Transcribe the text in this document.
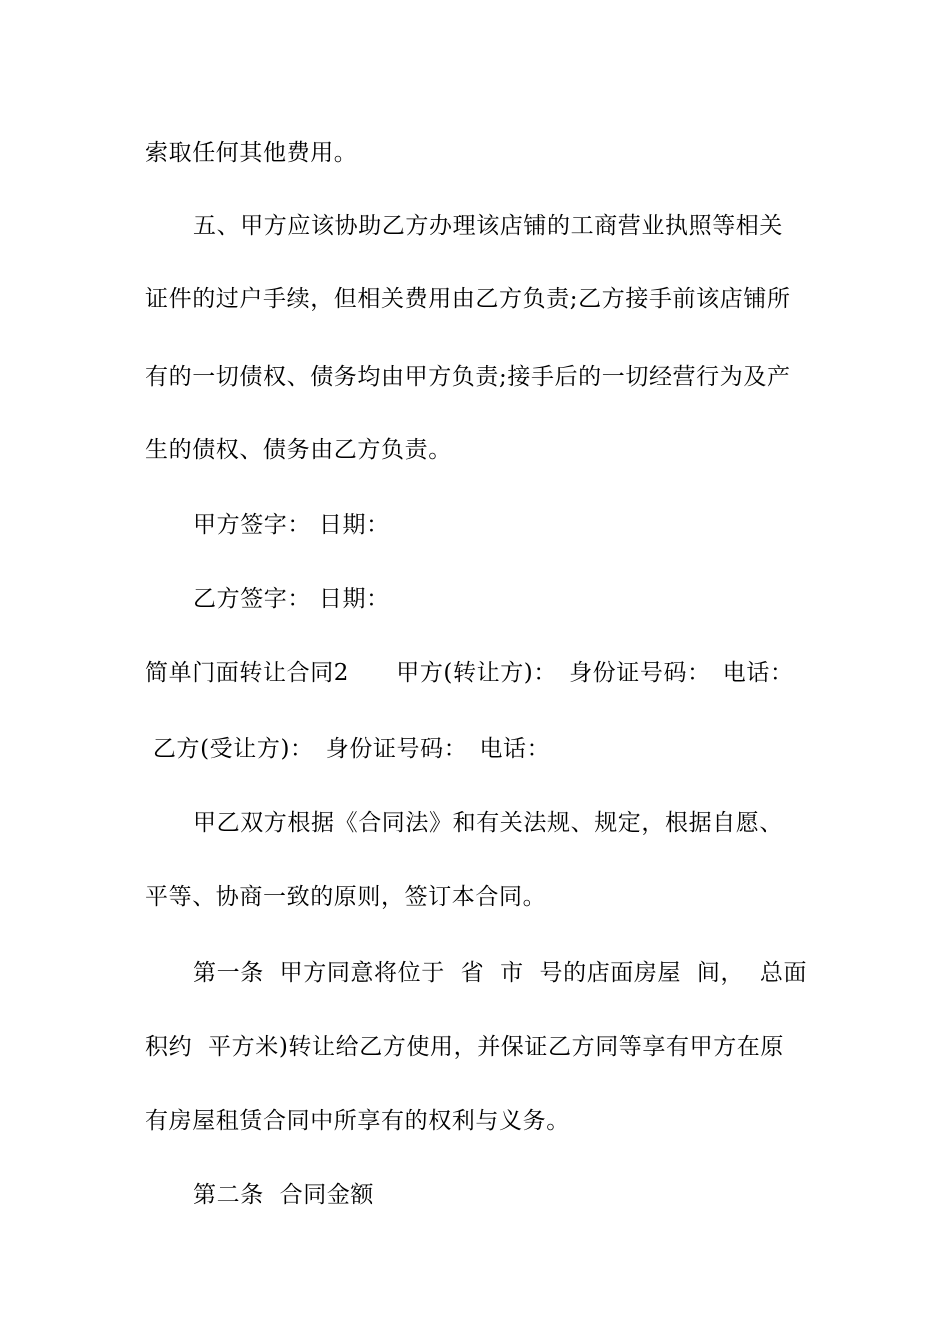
索取任何其他费用。
五、甲方应该协助乙方办理该店铺的工商营业执照等相关
证件的过户手续，但相关费用由乙方负责;乙方接手前该店铺所
有的一切债权、债务均由甲方负责;接手后的一切经营行为及产
生的债权、债务由乙方负责。
甲方签字： 日期：
乙方签字： 日期：
简单门面转让合同2　　甲方(转让方)：　身份证号码：　电话：
乙方(受让方)：　身份证号码：　电话：
甲乙双方根据《合同法》和有关法规、规定，根据自愿、
平等、协商一致的原则，签订本合同。
第一条  甲方同意将位于  省  市  号的店面房屋  间，  总面
积约  平方米)转让给乙方使用，并保证乙方同等享有甲方在原
有房屋租赁合同中所享有的权利与义务。
第二条  合同金额
